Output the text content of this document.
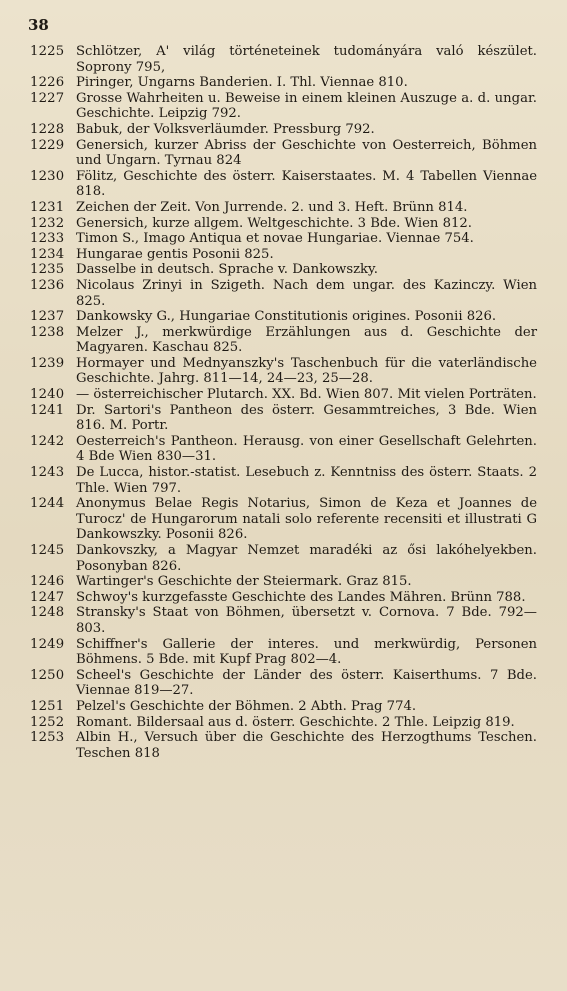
38
1225 Schlötzer, A' világ történeteinek tudományára való készület. Soprony 795,
1226 Piringer, Ungarns Banderien. I. Thl. Viennae 810.
1227 Grosse Wahrheiten u. Beweise in einem kleinen Auszuge a. d. ungar. Geschichte. Leipzig 792.
1228 Babuk, der Volksverläumder. Pressburg 792.
1229 Genersich, kurzer Abriss der Geschichte von Oesterreich, Böhmen und Ungarn. Tyrnau 824
1230 Fölitz, Geschichte des österr. Kaiserstaates. M. 4 Tabellen Viennae 818.
1231 Zeichen der Zeit. Von Jurrende. 2. und 3. Heft. Brünn 814.
1232 Genersich, kurze allgem. Weltgeschichte. 3 Bde. Wien 812.
1233 Timon S., Imago Antiqua et novae Hungariae. Viennae 754.
1234 Hungarae gentis Posonii 825.
1235 Dasselbe in deutsch. Sprache v. Dankowszky.
1236 Nicolaus Zrinyi in Szigeth. Nach dem ungar. des Kazinczy. Wien 825.
1237 Dankowsky G., Hungariae Constitutionis origines. Posonii 826.
1238 Melzer J., merkwürdige Erzählungen aus d. Geschichte der Magyaren. Kaschau 825.
1239 Hormayer und Mednyanszky's Taschenbuch für die vaterländische Geschichte. Jahrg. 811—14, 24—23, 25—28.
1240 — österreichischer Plutarch. XX. Bd. Wien 807. Mit vielen Porträten.
1241 Dr. Sartori's Pantheon des österr. Gesammtreiches, 3 Bde. Wien 816. M. Portr.
1242 Oesterreich's Pantheon. Herausg. von einer Gesellschaft Gelehrten. 4 Bde Wien 830—31.
1243 De Lucca, histor.-statist. Lesebuch z. Kenntniss des österr. Staats. 2 Thle. Wien 797.
1244 Anonymus Belae Regis Notarius, Simon de Keza et Joannes de Turocz' de Hungarorum natali solo referente recensiti et illustrati G Dankowszky. Posonii 826.
1245 Dankovszky, a Magyar Nemzet maradéki az ősi lakóhelyekben. Posonyban 826.
1246 Wartinger's Geschichte der Steiermark. Graz 815.
1247 Schwoy's kurzgefasste Geschichte des Landes Mähren. Brünn 788.
1248 Stransky's Staat von Böhmen, übersetzt v. Cornova. 7 Bde. 792—803.
1249 Schiffner's Gallerie der interes. und merkwürdig, Personen Böhmens. 5 Bde. mit Kupf Prag 802—4.
1250 Scheel's Geschichte der Länder des österr. Kaiserthums. 7 Bde. Viennae 819—27.
1251 Pelzel's Geschichte der Böhmen. 2 Abth. Prag 774.
1252 Romant. Bildersaal aus d. österr. Geschichte. 2 Thle. Leipzig 819.
1253 Albin H., Versuch über die Geschichte des Herzogthums Teschen. Teschen 818
